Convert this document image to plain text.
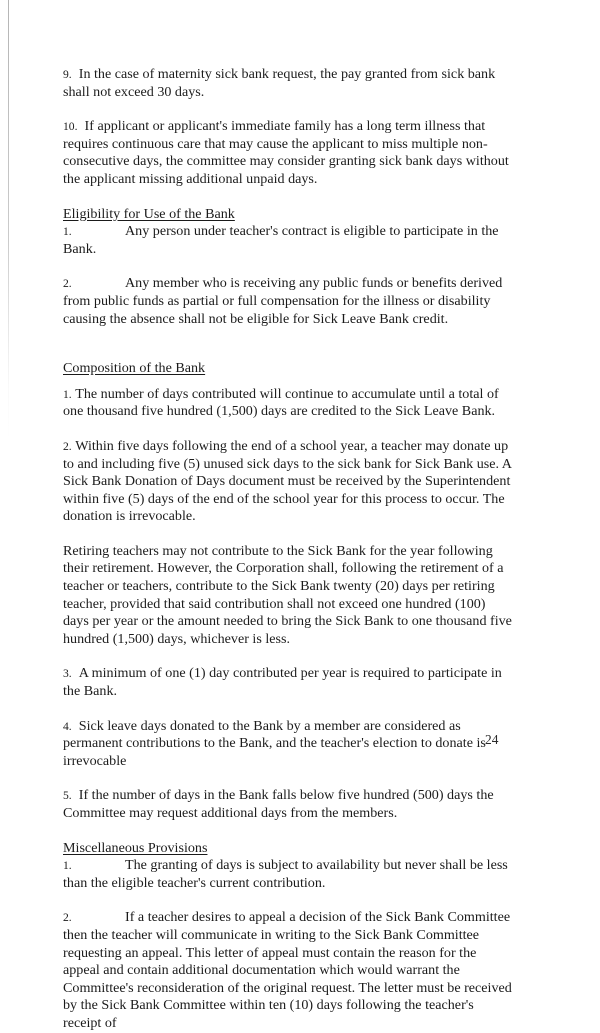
9. In the case of maternity sick bank request, the pay granted from sick bank shall not exceed 30 days.

10. If applicant or applicant's immediate family has a long term illness that requires continuous care that may cause the applicant to miss multiple non-consecutive days, the committee may consider granting sick bank days without the applicant missing additional unpaid days.

Eligibility for Use of the Bank
1.	Any person under teacher's contract is eligible to participate in the Bank.
2.	Any member who is receiving any public funds or benefits derived from public funds as partial or full compensation for the illness or disability causing the absence shall not be eligible for Sick Leave Bank credit.
Composition of the Bank

1. The number of days contributed will continue to accumulate until a total of one thousand five hundred (1,500) days are credited to the Sick Leave Bank.

2. Within five days following the end of a school year, a teacher may donate up to and including five (5) unused sick days to the sick bank for Sick Bank use. A Sick Bank Donation of Days document must be received by the Superintendent within five (5) days of the end of the school year for this process to occur. The donation is irrevocable.

Retiring teachers may not contribute to the Sick Bank for the year following their retirement. However, the Corporation shall, following the retirement of a teacher or teachers, contribute to the Sick Bank twenty (20) days per retiring teacher, provided that said contribution shall not exceed one hundred (100) days per year or the amount needed to bring the Sick Bank to one thousand five hundred (1,500) days, whichever is less.

3. A minimum of one (1) day contributed per year is required to participate in the Bank.

4. Sick leave days donated to the Bank by a member are considered as permanent contributions to the Bank, and the teacher's election to donate is irrevocable

5. If the number of days in the Bank falls below five hundred (500) days the Committee may request additional days from the members.

Miscellaneous Provisions
1.	The granting of days is subject to availability but never shall be less than the eligible teacher's current contribution.
2.	If a teacher desires to appeal a decision of the Sick Bank Committee then the teacher will communicate in writing to the Sick Bank Committee requesting an appeal. This letter of appeal must contain the reason for the appeal and contain additional documentation which would warrant the Committee's reconsideration of the original request. The letter must be received by the Sick Bank Committee within ten (10) days following the teacher's receipt of
24
